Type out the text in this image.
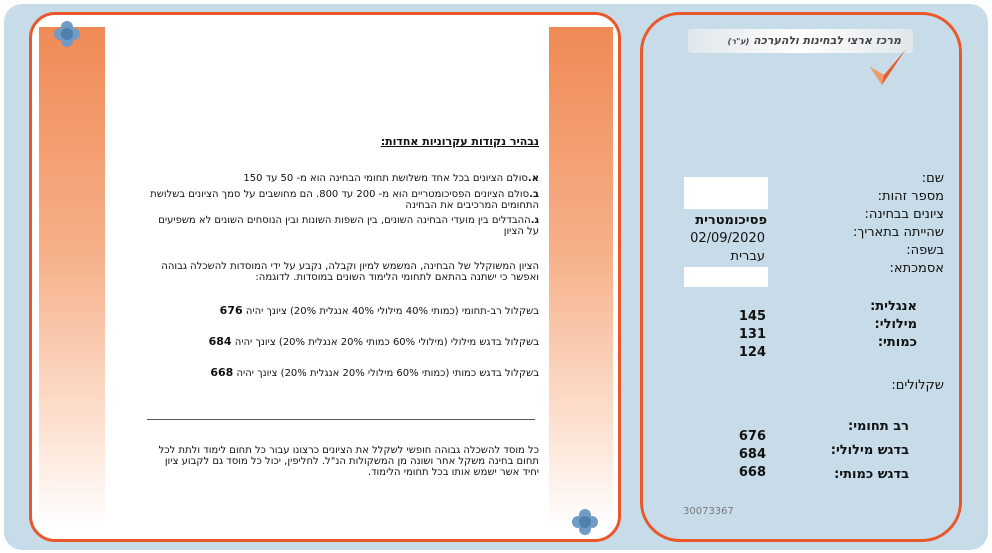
נבהיר נקודות עקרוניות אחדות:
א.סולם הציונים בכל אחד משלושת תחומי הבחינה הוא מ- 50 עד 150
ב.סולם הציונים הפסיכומטריים הוא מ- 200 עד 800. הם מחושבים על סמך הציונים בשלושת התחומים המרכיבים את הבחינה
ג.ההבדלים בין מועדי הבחינה השונים, בין השפות השונות ובין הנוסחים השונים לא משפיעים על הציון
הציון המשוקלל של הבחינה, המשמש למיון וקבלה, נקבע על ידי המוסדות להשכלה גבוהה ואפשר כי ישתנה בהתאם לתחומי הלימוד השונים במוסדות. לדוגמה:
בשקלול רב-תחומי (כמותי 40% מילולי 40% אנגלית 20%) ציונך יהיה 676
בשקלול בדגש מילולי (מילולי 60% כמותי 20% אנגלית 20%) ציונך יהיה 684
בשקלול בדגש כמותי (כמותי 60% מילולי 20% אנגלית 20%) ציונך יהיה 668
כל מוסד להשכלה גבוהה חופשי לשקלל את הציונים כרצונו עבור כל תחום לימוד ולתת לכל תחום בחינה משקל אחר ושונה מן המשקולות הנ"ל. לחליפין, יכול כל מוסד גם לקבוע ציון יחיד אשר ישמש אותו בכל תחומי הלימוד.
מרכז ארצי לבחינות ולהערכה (ע"ר)
שם:
מספר זהות:
ציונים בבחינה:
שהייתה בתאריך:
בשפה:
אסמכתא:
פסיכומטרית
02/09/2020
עברית
אנגלית:
מילולי:
כמותי:
145
131
124
שקלולים:
רב תחומי:
בדגש מילולי:
בדגש כמותי:
676
684
668
30073367
